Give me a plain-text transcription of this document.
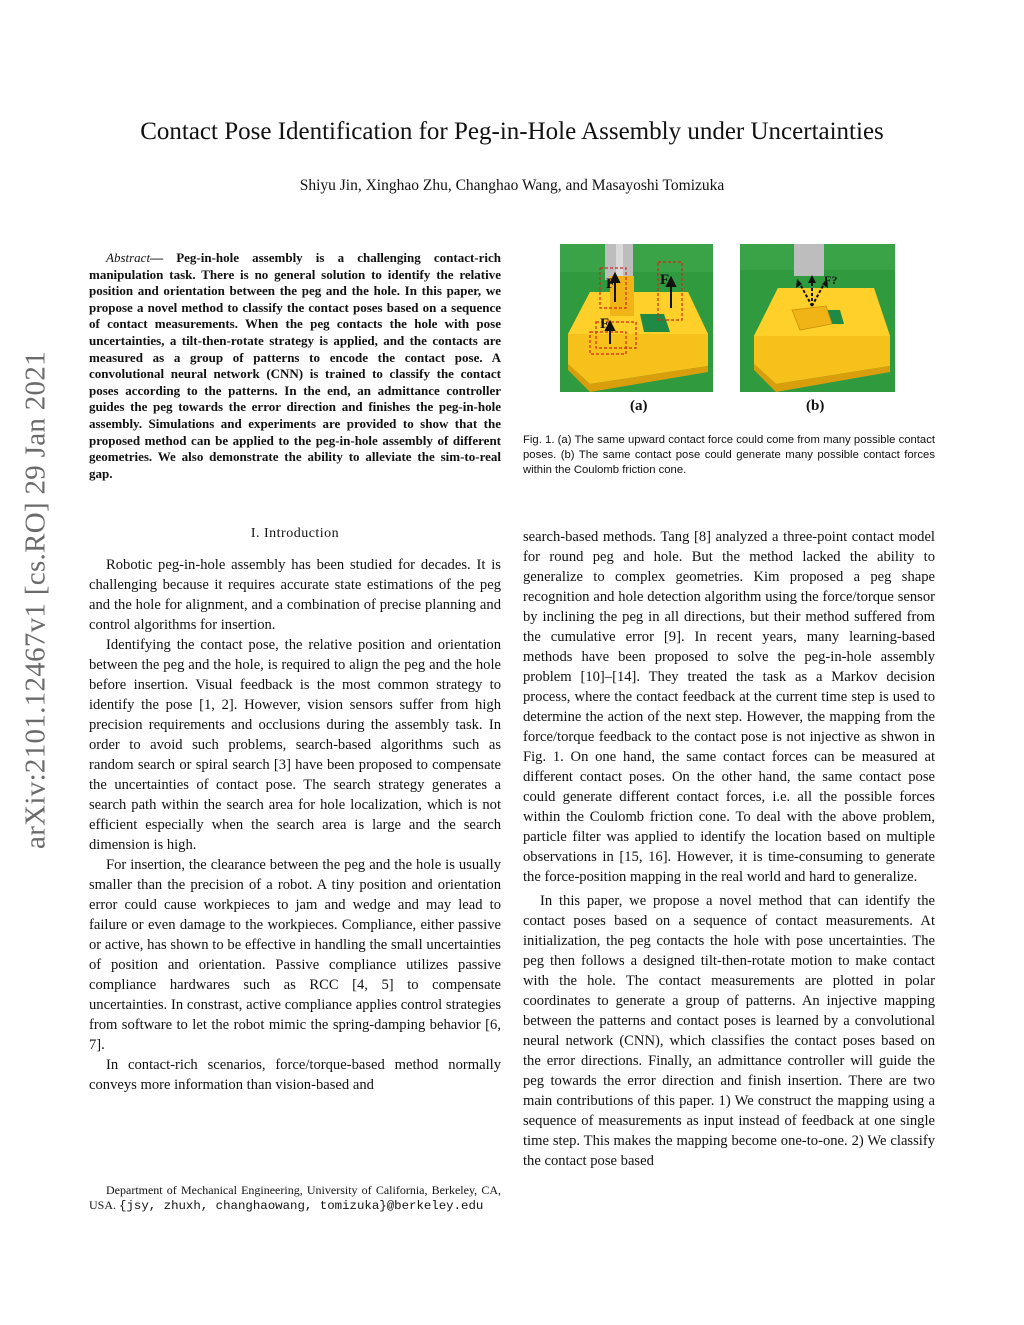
Contact Pose Identification for Peg-in-Hole Assembly under Uncertainties
Shiyu Jin, Xinghao Zhu, Changhao Wang, and Masayoshi Tomizuka
arXiv:2101.12467v1 [cs.RO] 29 Jan 2021
Abstract— Peg-in-hole assembly is a challenging contact-rich manipulation task. There is no general solution to identify the relative position and orientation between the peg and the hole. In this paper, we propose a novel method to classify the contact poses based on a sequence of contact measurements. When the peg contacts the hole with pose uncertainties, a tilt-then-rotate strategy is applied, and the contacts are measured as a group of patterns to encode the contact pose. A convolutional neural network (CNN) is trained to classify the contact poses according to the patterns. In the end, an admittance controller guides the peg towards the error direction and finishes the peg-in-hole assembly. Simulations and experiments are provided to show that the proposed method can be applied to the peg-in-hole assembly of different geometries. We also demonstrate the ability to alleviate the sim-to-real gap.
F	F
F
F?
(a)	(b)
Fig. 1. (a) The same upward contact force could come from many possible contact poses. (b) The same contact pose could generate many possible contact forces within the Coulomb friction cone.
I. Introduction

Robotic peg-in-hole assembly has been studied for decades. It is challenging because it requires accurate state estimations of the peg and the hole for alignment, and a combination of precise planning and control algorithms for insertion.

Identifying the contact pose, the relative position and orientation between the peg and the hole, is required to align the peg and the hole before insertion. Visual feedback is the most common strategy to identify the pose [1, 2]. However, vision sensors suffer from high precision requirements and occlusions during the assembly task. In order to avoid such problems, search-based algorithms such as random search or spiral search [3] have been proposed to compensate the uncertainties of contact pose. The search strategy generates a search path within the search area for hole localization, which is not efficient especially when the search area is large and the search dimension is high.

For insertion, the clearance between the peg and the hole is usually smaller than the precision of a robot. A tiny position and orientation error could cause workpieces to jam and wedge and may lead to failure or even damage to the workpieces. Compliance, either passive or active, has shown to be effective in handling the small uncertainties of position and orientation. Passive compliance utilizes passive compliance hardwares such as RCC [4, 5] to compensate uncertainties. In constrast, active compliance applies control strategies from software to let the robot mimic the spring-damping behavior [6, 7].

In contact-rich scenarios, force/torque-based method normally conveys more information than vision-based and

search-based methods. Tang [8] analyzed a three-point contact model for round peg and hole. But the method lacked the ability to generalize to complex geometries. Kim proposed a peg shape recognition and hole detection algorithm using the force/torque sensor by inclining the peg in all directions, but their method suffered from the cumulative error [9]. In recent years, many learning-based methods have been proposed to solve the peg-in-hole assembly problem [10]–[14]. They treated the task as a Markov decision process, where the contact feedback at the current time step is used to determine the action of the next step. However, the mapping from the force/torque feedback to the contact pose is not injective as shwon in Fig. 1. On one hand, the same contact forces can be measured at different contact poses. On the other hand, the same contact pose could generate different contact forces, i.e. all the possible forces within the Coulomb friction cone. To deal with the above problem, particle filter was applied to identify the location based on multiple observations in [15, 16]. However, it is time-consuming to generate the force-position mapping in the real world and hard to generalize.

In this paper, we propose a novel method that can identify the contact poses based on a sequence of contact measurements. At initialization, the peg contacts the hole with pose uncertainties. The peg then follows a designed tilt-then-rotate motion to make contact with the hole. The contact measurements are plotted in polar coordinates to generate a group of patterns. An injective mapping between the patterns and contact poses is learned by a convolutional neural network (CNN), which classifies the contact poses based on the error directions. Finally, an admittance controller will guide the peg towards the error direction and finish insertion. There are two main contributions of this paper. 1) We construct the mapping using a sequence of measurements as input instead of feedback at one single time step. This makes the mapping become one-to-one. 2) We classify the contact pose based

Department of Mechanical Engineering, University of California, Berkeley, CA, USA. {jsy, zhuxh, changhaowang, tomizuka}@berkeley.edu
